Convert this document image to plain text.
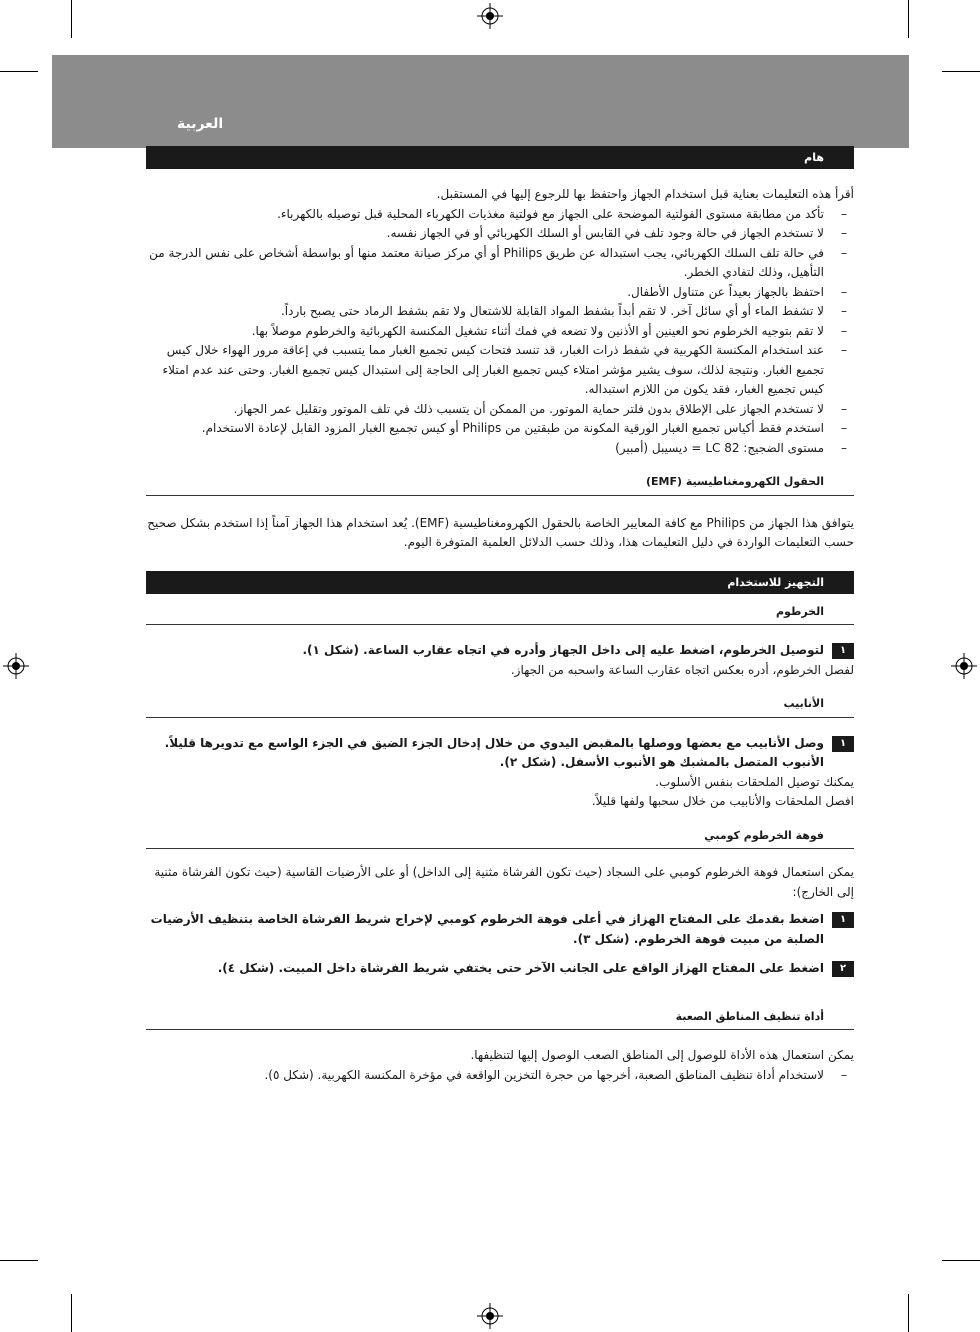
العربية
هام

أقرأ هذه التعليمات بعناية قبل استخدام الجهاز واحتفظ بها للرجوع إليها في المستقبل.

– تأكد من مطابقة مستوى الفولتية الموضحة على الجهاز مع فولتية مغذيات الكهرباء المحلية قبل توصيله بالكهرباء.
– لا تستخدم الجهاز في حالة وجود تلف في القابس أو السلك الكهربائي أو في الجهاز نفسه.
– في حالة تلف السلك الكهربائي، يجب استبداله عن طريق Philips أو أي مركز صيانة معتمد منها أو بواسطة أشخاص على نفس الدرجة من التأهيل، وذلك لتفادي الخطر.
– احتفظ بالجهاز بعيداً عن متناول الأطفال.
– لا تشفط الماء أو أي سائل آخر. لا تقم أبداً بشفط المواد القابلة للاشتعال ولا تقم بشفط الرماد حتى يصبح بارداً.
– لا تقم بتوجيه الخرطوم نحو العينين أو الأذنين ولا تضعه في فمك أثناء تشغيل المكنسة الكهربائية والخرطوم موصلاً بها.
– عند استخدام المكنسة الكهربية في شفط ذرات الغبار، قد تنسد فتحات كيس تجميع الغبار مما يتسبب في إعاقة مرور الهواء خلال كيس تجميع الغبار. ونتيجة لذلك، سوف يشير مؤشر امتلاء كيس تجميع الغبار إلى الحاجة إلى استبدال كيس تجميع الغبار. وحتى عند عدم امتلاء كيس تجميع الغبار، فقد يكون من اللازم استبداله.
– لا تستخدم الجهاز على الإطلاق بدون فلتر حماية الموتور. من الممكن أن يتسبب ذلك في تلف الموتور وتقليل عمر الجهاز.
– استخدم فقط أكياس تجميع الغبار الورقية المكونة من طبقتين من Philips أو كيس تجميع الغبار المزود القابل لإعادة الاستخدام.
– مستوى الضجيج: LC 82 = ديسيبل (أمبير)
الحقول الكهرومغناطيسية (EMF)

يتوافق هذا الجهاز من Philips مع كافة المعايير الخاصة بالحقول الكهرومغناطيسية (EMF). يُعد استخدام هذا الجهاز آمناً إذا استخدم بشكل صحيح حسب التعليمات الواردة في دليل التعليمات هذا، وذلك حسب الدلائل العلمية المتوفرة اليوم.

التجهيز للاستخدام
الخرطوم
١
لتوصيل الخرطوم، اضغط عليه إلى داخل الجهاز وأدره في اتجاه عقارب الساعة. (شكل ١).

لفصل الخرطوم، أدره بعكس اتجاه عقارب الساعة واسحبه من الجهاز.

الأنابيب
١
وصل الأنابيب مع بعضها ووصلها بالمقبض اليدوي من خلال إدخال الجزء الضيق في الجزء الواسع مع تدويرها قليلاً. الأنبوب المتصل بالمشبك هو الأنبوب الأسفل. (شكل ٢).

يمكنك توصيل الملحقات بنفس الأسلوب.

افصل الملحقات والأنابيب من خلال سحبها ولفها قليلاً.

فوهة الخرطوم كومبي

يمكن استعمال فوهة الخرطوم كومبي على السجاد (حيث تكون الفرشاة مثنية إلى الداخل) أو على الأرضيات القاسية (حيث تكون الفرشاة مثنية إلى الخارج):

١
اضغط بقدمك على المفتاح الهزاز في أعلى فوهة الخرطوم كومبي لإخراج شريط الفرشاة الخاصة بتنظيف الأرضيات الصلبة من مبيت فوهة الخرطوم. (شكل ٣).
٢
اضغط على المفتاح الهزاز الواقع على الجانب الآخر حتى يختفي شريط الفرشاة داخل المبيت. (شكل ٤).
أداة تنظيف المناطق الصعبة

يمكن استعمال هذه الأداة للوصول إلى المناطق الصعب الوصول إليها لتنظيفها.

– لاستخدام أداة تنظيف المناطق الصعبة، أخرجها من حجرة التخزين الواقعة في مؤخرة المكنسة الكهربية. (شكل ٥).
